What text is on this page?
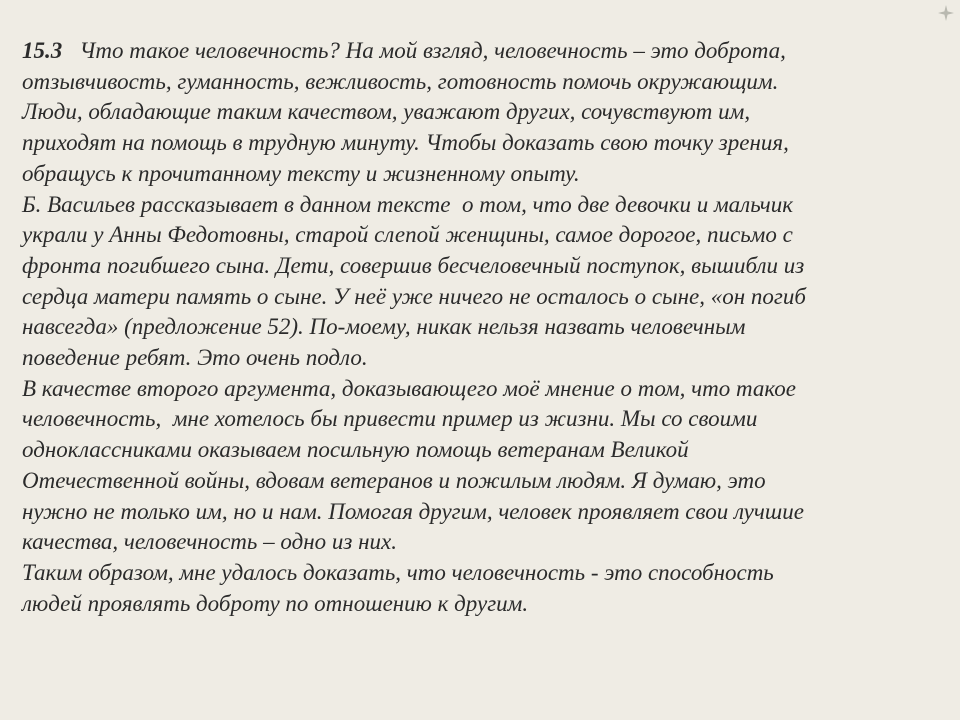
15.3   Что такое человечность? На мой взгляд, человечность – это доброта,
отзывчивость, гуманность, вежливость, готовность помочь окружающим.
Люди, обладающие таким качеством, уважают других, сочувствуют им,
приходят на помощь в трудную минуту. Чтобы доказать свою точку зрения,
обращусь к прочитанному тексту и жизненному опыту.
Б. Васильев рассказывает в данном тексте  о том, что две девочки и мальчик
украли у Анны Федотовны, старой слепой женщины, самое дорогое, письмо с
фронта погибшего сына. Дети, совершив бесчеловечный поступок, вышибли из
сердца матери память о сыне. У неё уже ничего не осталось о сыне, «он погиб
навсегда» (предложение 52). По-моему, никак нельзя назвать человечным
поведение ребят. Это очень подло.
В качестве второго аргумента, доказывающего моё мнение о том, что такое
человечность,  мне хотелось бы привести пример из жизни. Мы со своими
одноклассниками оказываем посильную помощь ветеранам Великой
Отечественной войны, вдовам ветеранов и пожилым людям. Я думаю, это
нужно не только им, но и нам. Помогая другим, человек проявляет свои лучшие
качества, человечность – одно из них.
Таким образом, мне удалось доказать, что человечность - это способность
людей проявлять доброту по отношению к другим.
